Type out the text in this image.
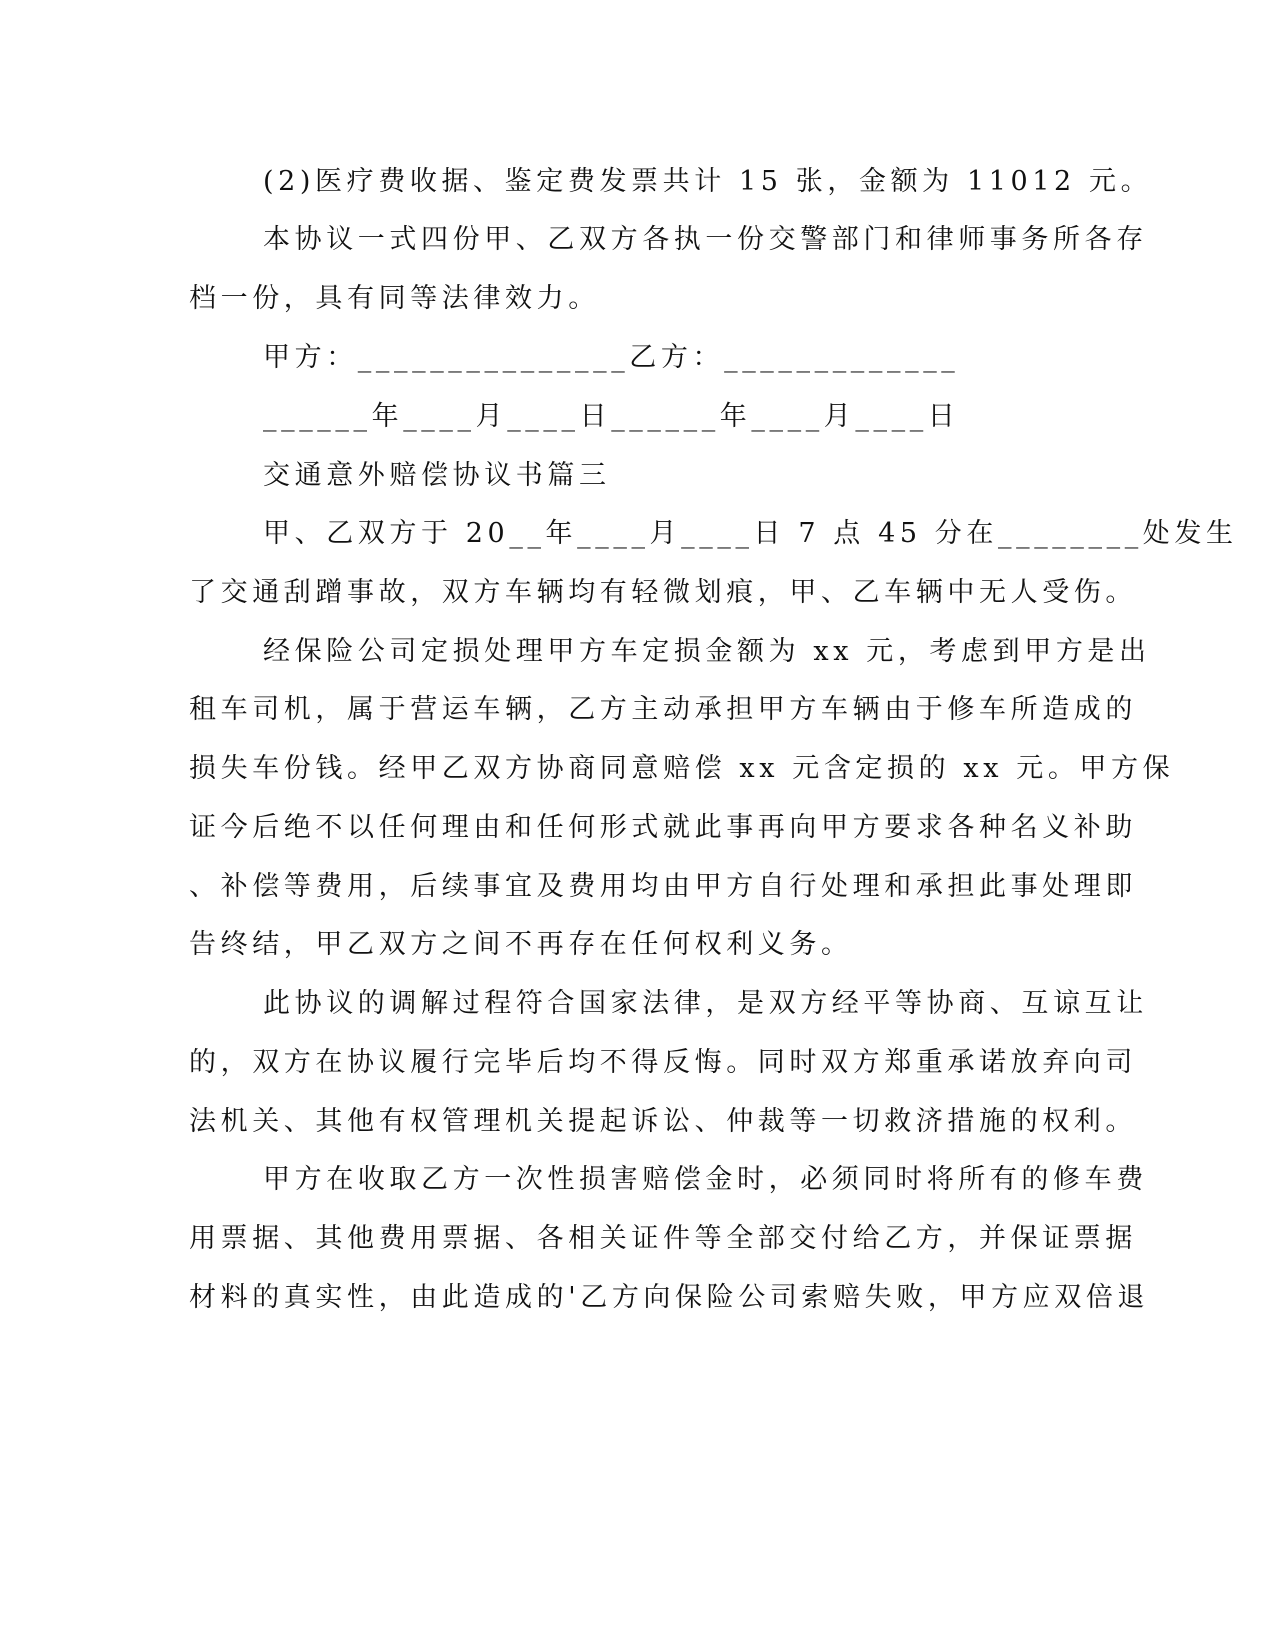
(2)医疗费收据、鉴定费发票共计 15 张，金额为 11012 元。
本协议一式四份甲、乙双方各执一份交警部门和律师事务所各存
档一份，具有同等法律效力。
甲方：_______________乙方：_____________
______年____月____日______年____月____日
交通意外赔偿协议书篇三
甲、乙双方于 20__年____月____日 7 点 45 分在________处发生
了交通刮蹭事故，双方车辆均有轻微划痕，甲、乙车辆中无人受伤。
经保险公司定损处理甲方车定损金额为 xx 元，考虑到甲方是出
租车司机，属于营运车辆，乙方主动承担甲方车辆由于修车所造成的
损失车份钱。经甲乙双方协商同意赔偿 xx 元含定损的 xx 元。甲方保
证今后绝不以任何理由和任何形式就此事再向甲方要求各种名义补助
、补偿等费用，后续事宜及费用均由甲方自行处理和承担此事处理即
告终结，甲乙双方之间不再存在任何权利义务。
此协议的调解过程符合国家法律，是双方经平等协商、互谅互让
的，双方在协议履行完毕后均不得反悔。同时双方郑重承诺放弃向司
法机关、其他有权管理机关提起诉讼、仲裁等一切救济措施的权利。
甲方在收取乙方一次性损害赔偿金时，必须同时将所有的修车费
用票据、其他费用票据、各相关证件等全部交付给乙方，并保证票据
材料的真实性，由此造成的'乙方向保险公司索赔失败，甲方应双倍退
